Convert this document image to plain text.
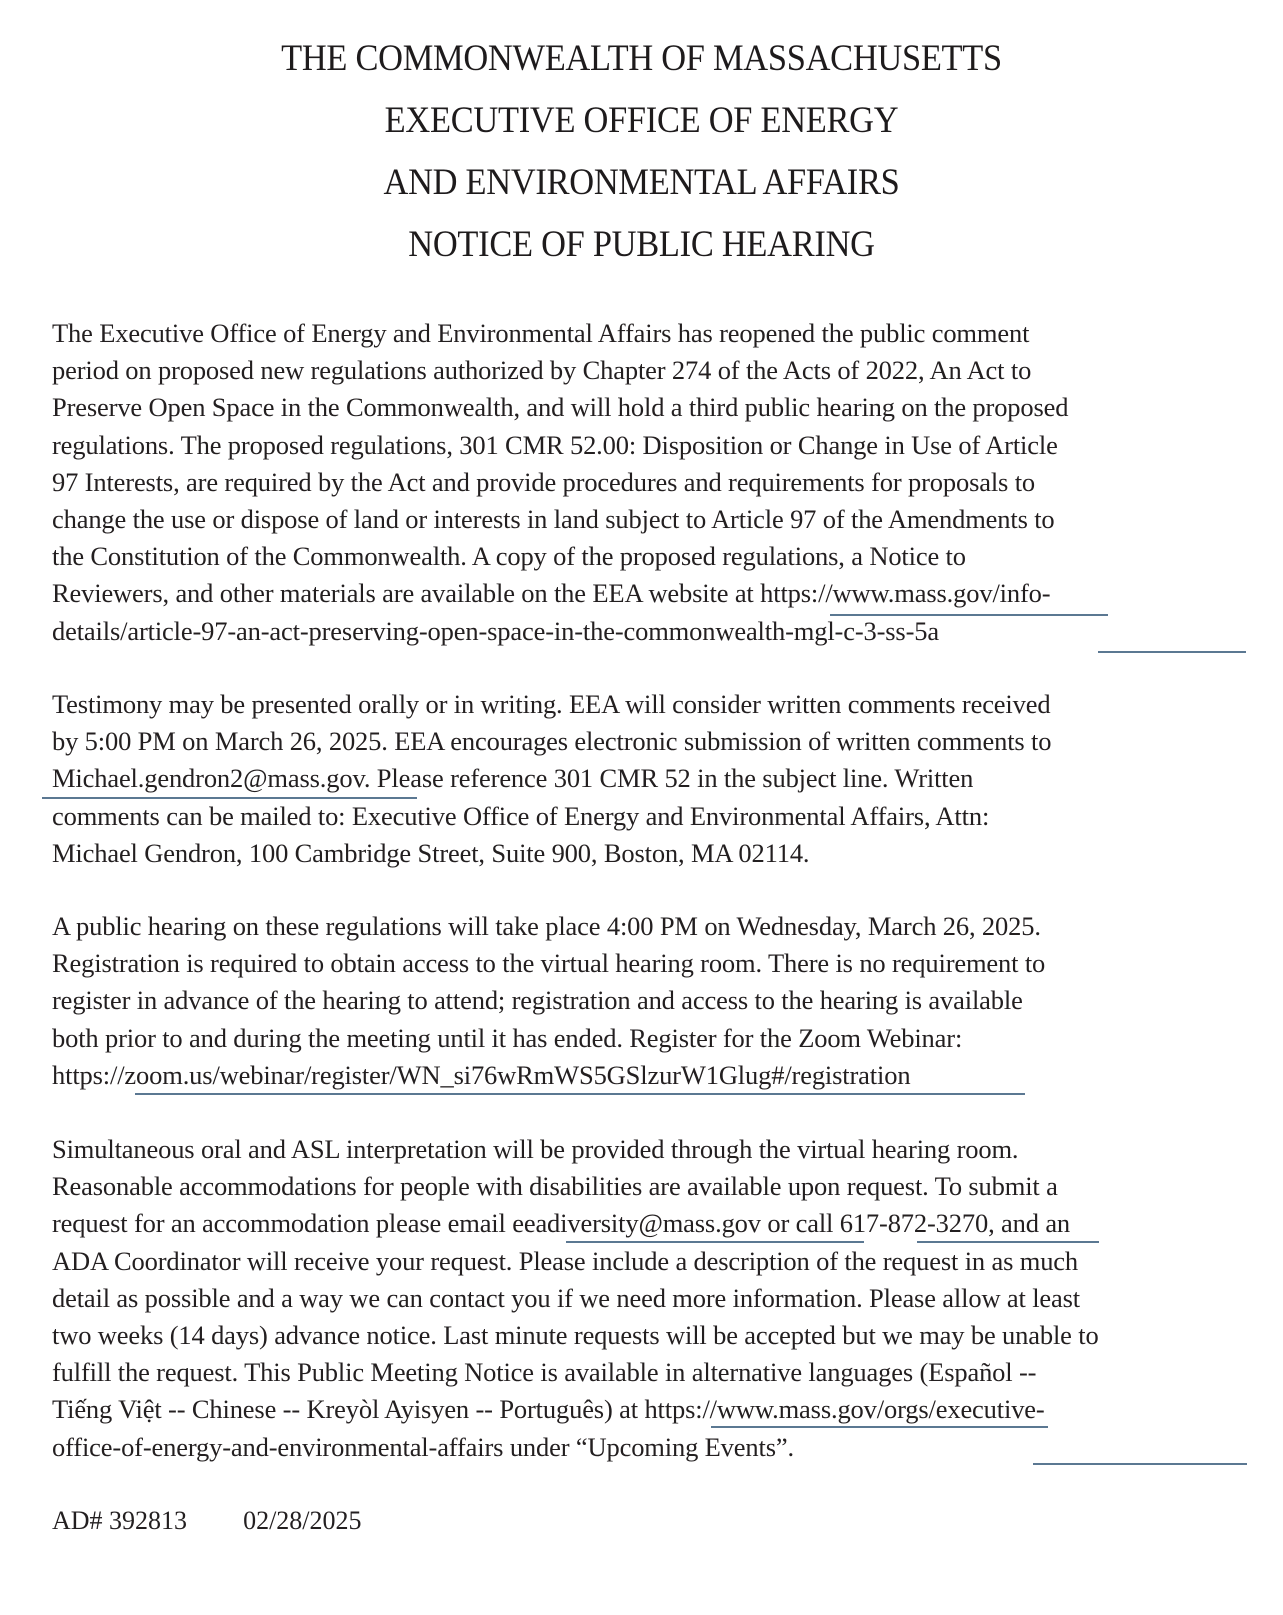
THE COMMONWEALTH OF MASSACHUSETTS
EXECUTIVE OFFICE OF ENERGY
AND ENVIRONMENTAL AFFAIRS
NOTICE OF PUBLIC HEARING
The Executive Office of Energy and Environmental Affairs has reopened the public comment
period on proposed new regulations authorized by Chapter 274 of the Acts of 2022, An Act to
Preserve Open Space in the Commonwealth, and will hold a third public hearing on the proposed
regulations. The proposed regulations, 301 CMR 52.00: Disposition or Change in Use of Article
97 Interests, are required by the Act and provide procedures and requirements for proposals to
change the use or dispose of land or interests in land subject to Article 97 of the Amendments to
the Constitution of the Commonwealth. A copy of the proposed regulations, a Notice to
Reviewers, and other materials are available on the EEA website at https://www.mass.gov/info-
details/article-97-an-act-preserving-open-space-in-the-commonwealth-mgl-c-3-ss-5a
Testimony may be presented orally or in writing. EEA will consider written comments received
by 5:00 PM on March 26, 2025. EEA encourages electronic submission of written comments to
Michael.gendron2@mass.gov. Please reference 301 CMR 52 in the subject line. Written
comments can be mailed to: Executive Office of Energy and Environmental Affairs, Attn:
Michael Gendron, 100 Cambridge Street, Suite 900, Boston, MA 02114.
A public hearing on these regulations will take place 4:00 PM on Wednesday, March 26, 2025.
Registration is required to obtain access to the virtual hearing room. There is no requirement to
register in advance of the hearing to attend; registration and access to the hearing is available
both prior to and during the meeting until it has ended. Register for the Zoom Webinar:
https://zoom.us/webinar/register/WN_si76wRmWS5GSlzurW1Glug#/registration
Simultaneous oral and ASL interpretation will be provided through the virtual hearing room.
Reasonable accommodations for people with disabilities are available upon request. To submit a
request for an accommodation please email eeadiversity@mass.gov or call 617-872-3270, and an
ADA Coordinator will receive your request. Please include a description of the request in as much
detail as possible and a way we can contact you if we need more information. Please allow at least
two weeks (14 days) advance notice. Last minute requests will be accepted but we may be unable to
fulfill the request. This Public Meeting Notice is available in alternative languages (Español --
Tiếng Việt -- Chinese -- Kreyòl Ayisyen -- Português) at https://www.mass.gov/orgs/executive-
office-of-energy-and-environmental-affairs under “Upcoming Events”.
AD# 392813 02/28/2025
